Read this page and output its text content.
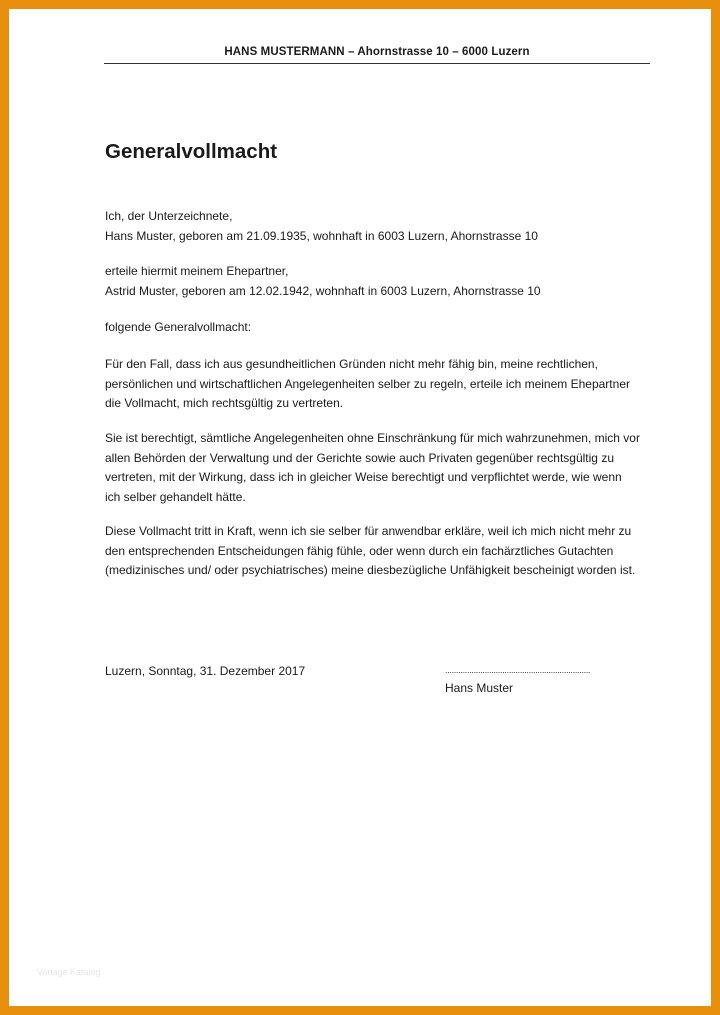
HANS MUSTERMANN – Ahornstrasse 10 – 6000 Luzern
Generalvollmacht

Ich, der Unterzeichnete,
Hans Muster, geboren am 21.09.1935, wohnhaft in 6003 Luzern, Ahornstrasse 10

erteile hiermit meinem Ehepartner,
Astrid Muster, geboren am 12.02.1942, wohnhaft in 6003 Luzern, Ahornstrasse 10

folgende Generalvollmacht:

Für den Fall, dass ich aus gesundheitlichen Gründen nicht mehr fähig bin, meine rechtlichen,
persönlichen und wirtschaftlichen Angelegenheiten selber zu regeln, erteile ich meinem Ehepartner
die Vollmacht, mich rechtsgültig zu vertreten.

Sie ist berechtigt, sämtliche Angelegenheiten ohne Einschränkung für mich wahrzunehmen, mich vor
allen Behörden der Verwaltung und der Gerichte sowie auch Privaten gegenüber rechtsgültig zu
vertreten, mit der Wirkung, dass ich in gleicher Weise berechtigt und verpflichtet werde, wie wenn
ich selber gehandelt hätte.

Diese Vollmacht tritt in Kraft, wenn ich sie selber für anwendbar erkläre, weil ich mich nicht mehr zu
den entsprechenden Entscheidungen fähig fühle, oder wenn durch ein fachärztliches Gutachten
(medizinisches und/ oder psychiatrisches) meine diesbezügliche Unfähigkeit bescheinigt worden ist.

Luzern, Sonntag, 31. Dezember 2017	..................................................................
Hans Muster
Vorlage Katalog
